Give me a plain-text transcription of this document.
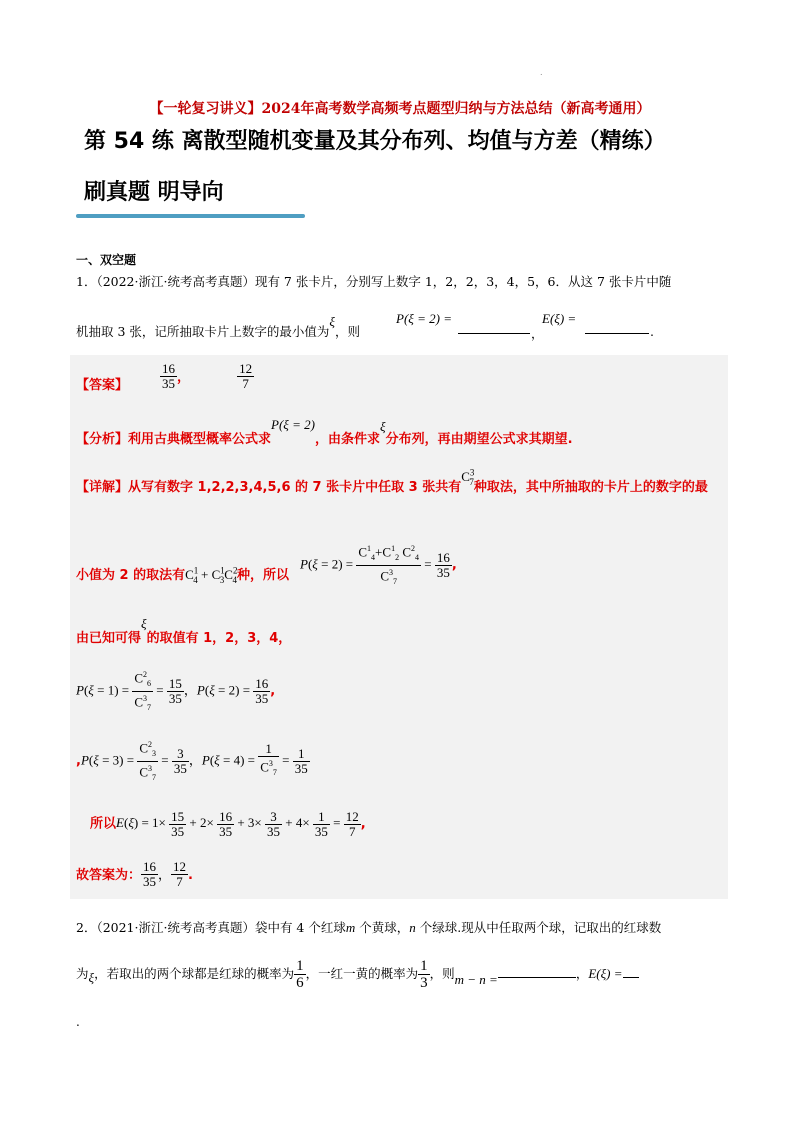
.
【一轮复习讲义】2024年高考数学高频考点题型归纳与方法总结（新高考通用）
第 54 练 离散型随机变量及其分布列、均值与方差（精练）
刷真题 明导向
一、双空题
1．（2022·浙江·统考高考真题）现有 7 张卡片，分别写上数字 1，2，2，3，4，5，6．从这 7 张卡片中随
机抽取 3 张，记所抽取卡片上数字的最小值为ξ，则
P(ξ = 2) =
，
E(ξ) =
.
【答案】 $\frac{16}{35}$ ，	$\frac{12}{7}$
【分析】利用古典概型概率公式求P(ξ = 2)，由条件求ξ分布列，再由期望公式求其期望.
【详解】从写有数字 1,2,2,3,4,5,6 的 7 张卡片中任取 3 张共有$C^3_7$种取法，其中所抽取的卡片上的数字的最
小值为 2 的取法有$C^1_4 + C^1_3C^2_4$种，所以
$P(\xi = 2) = \frac{C^1_4+C^1_2 C^2_4}{C^3_7} = \frac{16}{35}$ ,
由已知可得ξ的取值有 1，2，3，4，
$P(\xi = 1) = \frac{C^2_6}{C^3_7} = \frac{15}{35}$ ，$P(\xi = 2) = \frac{16}{35}$ ,
$,P(\xi = 3) = \frac{C^2_3}{C^3_7} = \frac{3}{35}$ ，$P(\xi = 4) = \frac{1}{C^3_7} = \frac{1}{35}$
所以$E(\xi) = 1\times \frac{15}{35} + 2\times \frac{16}{35} + 3\times \frac{3}{35} + 4\times \frac{1}{35} = \frac{12}{7}$ ,
故答案为： $\frac{16}{35}$ ， $\frac{12}{7}$ .
2．（2021·浙江·统考高考真题）袋中有 4 个红球m 个黄球，n 个绿球.现从中任取两个球，记取出的红球数
为ξ，若取出的两个球都是红球的概率为 $\frac{1}{6}$ ，一红一黄的概率为 $\frac{1}{3}$ ，则m − n =	，E(ξ) =
.
